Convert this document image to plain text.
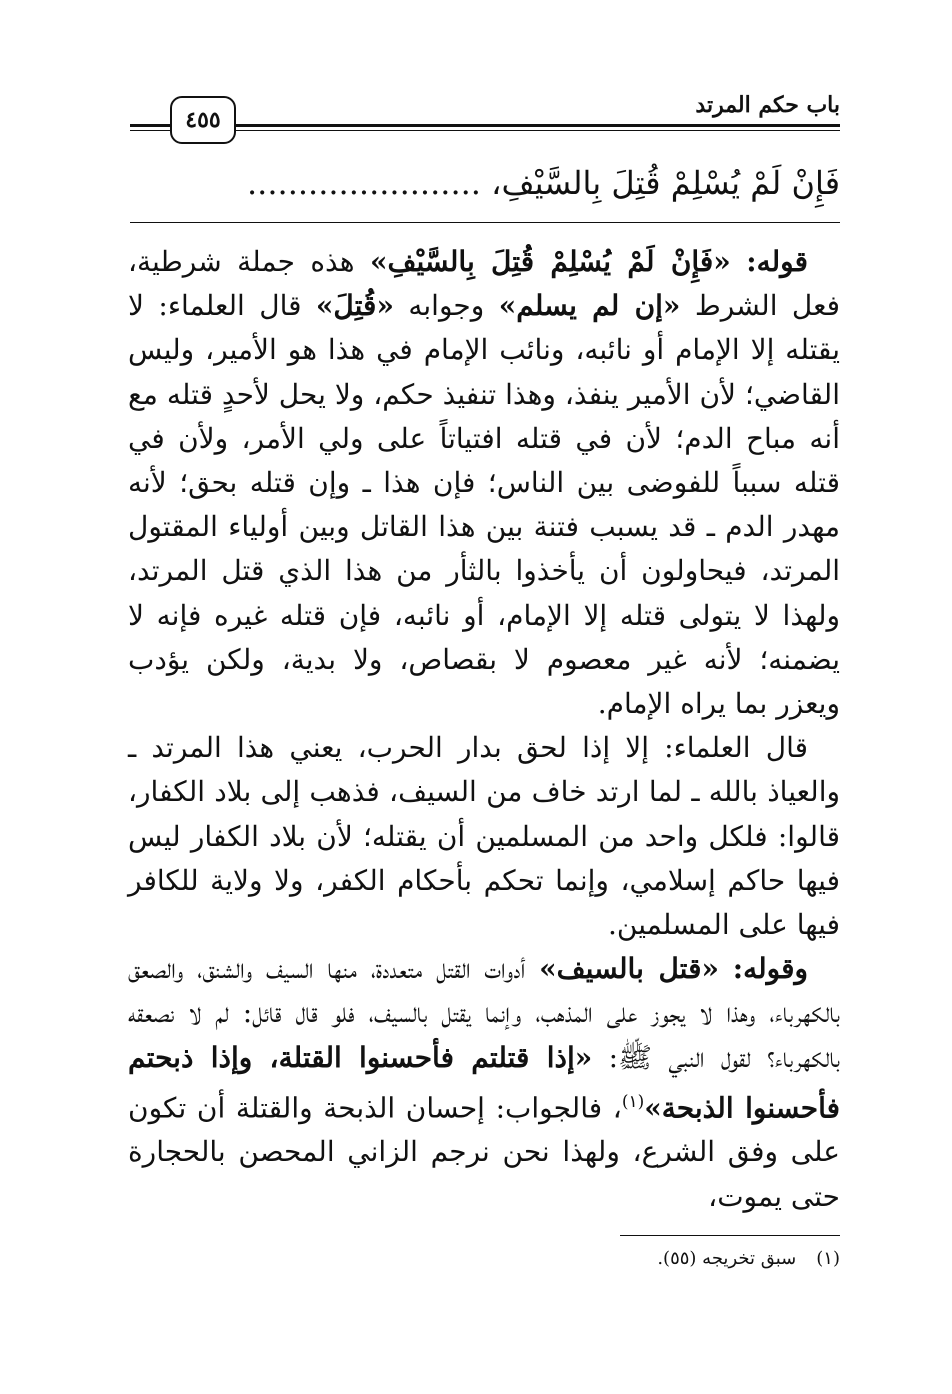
باب حكم المرتد
٤٥٥
فَإِنْ لَمْ يُسْلِمْ قُتِلَ بِالسَّيْفِ، .......................

قوله: «فَإِنْ لَمْ يُسْلِمْ قُتِلَ بِالسَّيْفِ» هذه جملة شرطية، فعل الشرط «إن لم يسلم» وجوابه «قُتِلَ» قال العلماء: لا يقتله إلا الإمام أو نائبه، ونائب الإمام في هذا هو الأمير، وليس القاضي؛ لأن الأمير ينفذ، وهذا تنفيذ حكم، ولا يحل لأحدٍ قتله مع أنه مباح الدم؛ لأن في قتله افتياتاً على ولي الأمر، ولأن في قتله سبباً للفوضى بين الناس؛ فإن هذا ـ وإن قتله بحق؛ لأنه مهدر الدم ـ قد يسبب فتنة بين هذا القاتل وبين أولياء المقتول المرتد، فيحاولون أن يأخذوا بالثأر من هذا الذي قتل المرتد، ولهذا لا يتولى قتله إلا الإمام، أو نائبه، فإن قتله غيره فإنه لا يضمنه؛ لأنه غير معصوم لا بقصاص، ولا بدية، ولكن يؤدب ويعزر بما يراه الإمام.

قال العلماء: إلا إذا لحق بدار الحرب، يعني هذا المرتد ـ والعياذ بالله ـ لما ارتد خاف من السيف، فذهب إلى بلاد الكفار، قالوا: فلكل واحد من المسلمين أن يقتله؛ لأن بلاد الكفار ليس فيها حاكم إسلامي، وإنما تحكم بأحكام الكفر، ولا ولاية للكافر فيها على المسلمين.

وقوله: «قتل بالسيف» أدوات القتل متعددة، منها السيف والشنق، والصعق بالكهرباء، وهذا لا يجوز على المذهب، وإنما يقتل بالسيف، فلو قال قائل: لم لا نصعقه بالكهرباء؟ لقول النبي ﷺ: «إذا قتلتم فأحسنوا القتلة، وإذا ذبحتم فأحسنوا الذبحة»$^{(١)}$، فالجواب: إحسان الذبحة والقتلة أن تكون على وفق الشرع، ولهذا نحن نرجم الزاني المحصن بالحجارة حتى يموت،

(١)سبق تخريجه (٥٥).
